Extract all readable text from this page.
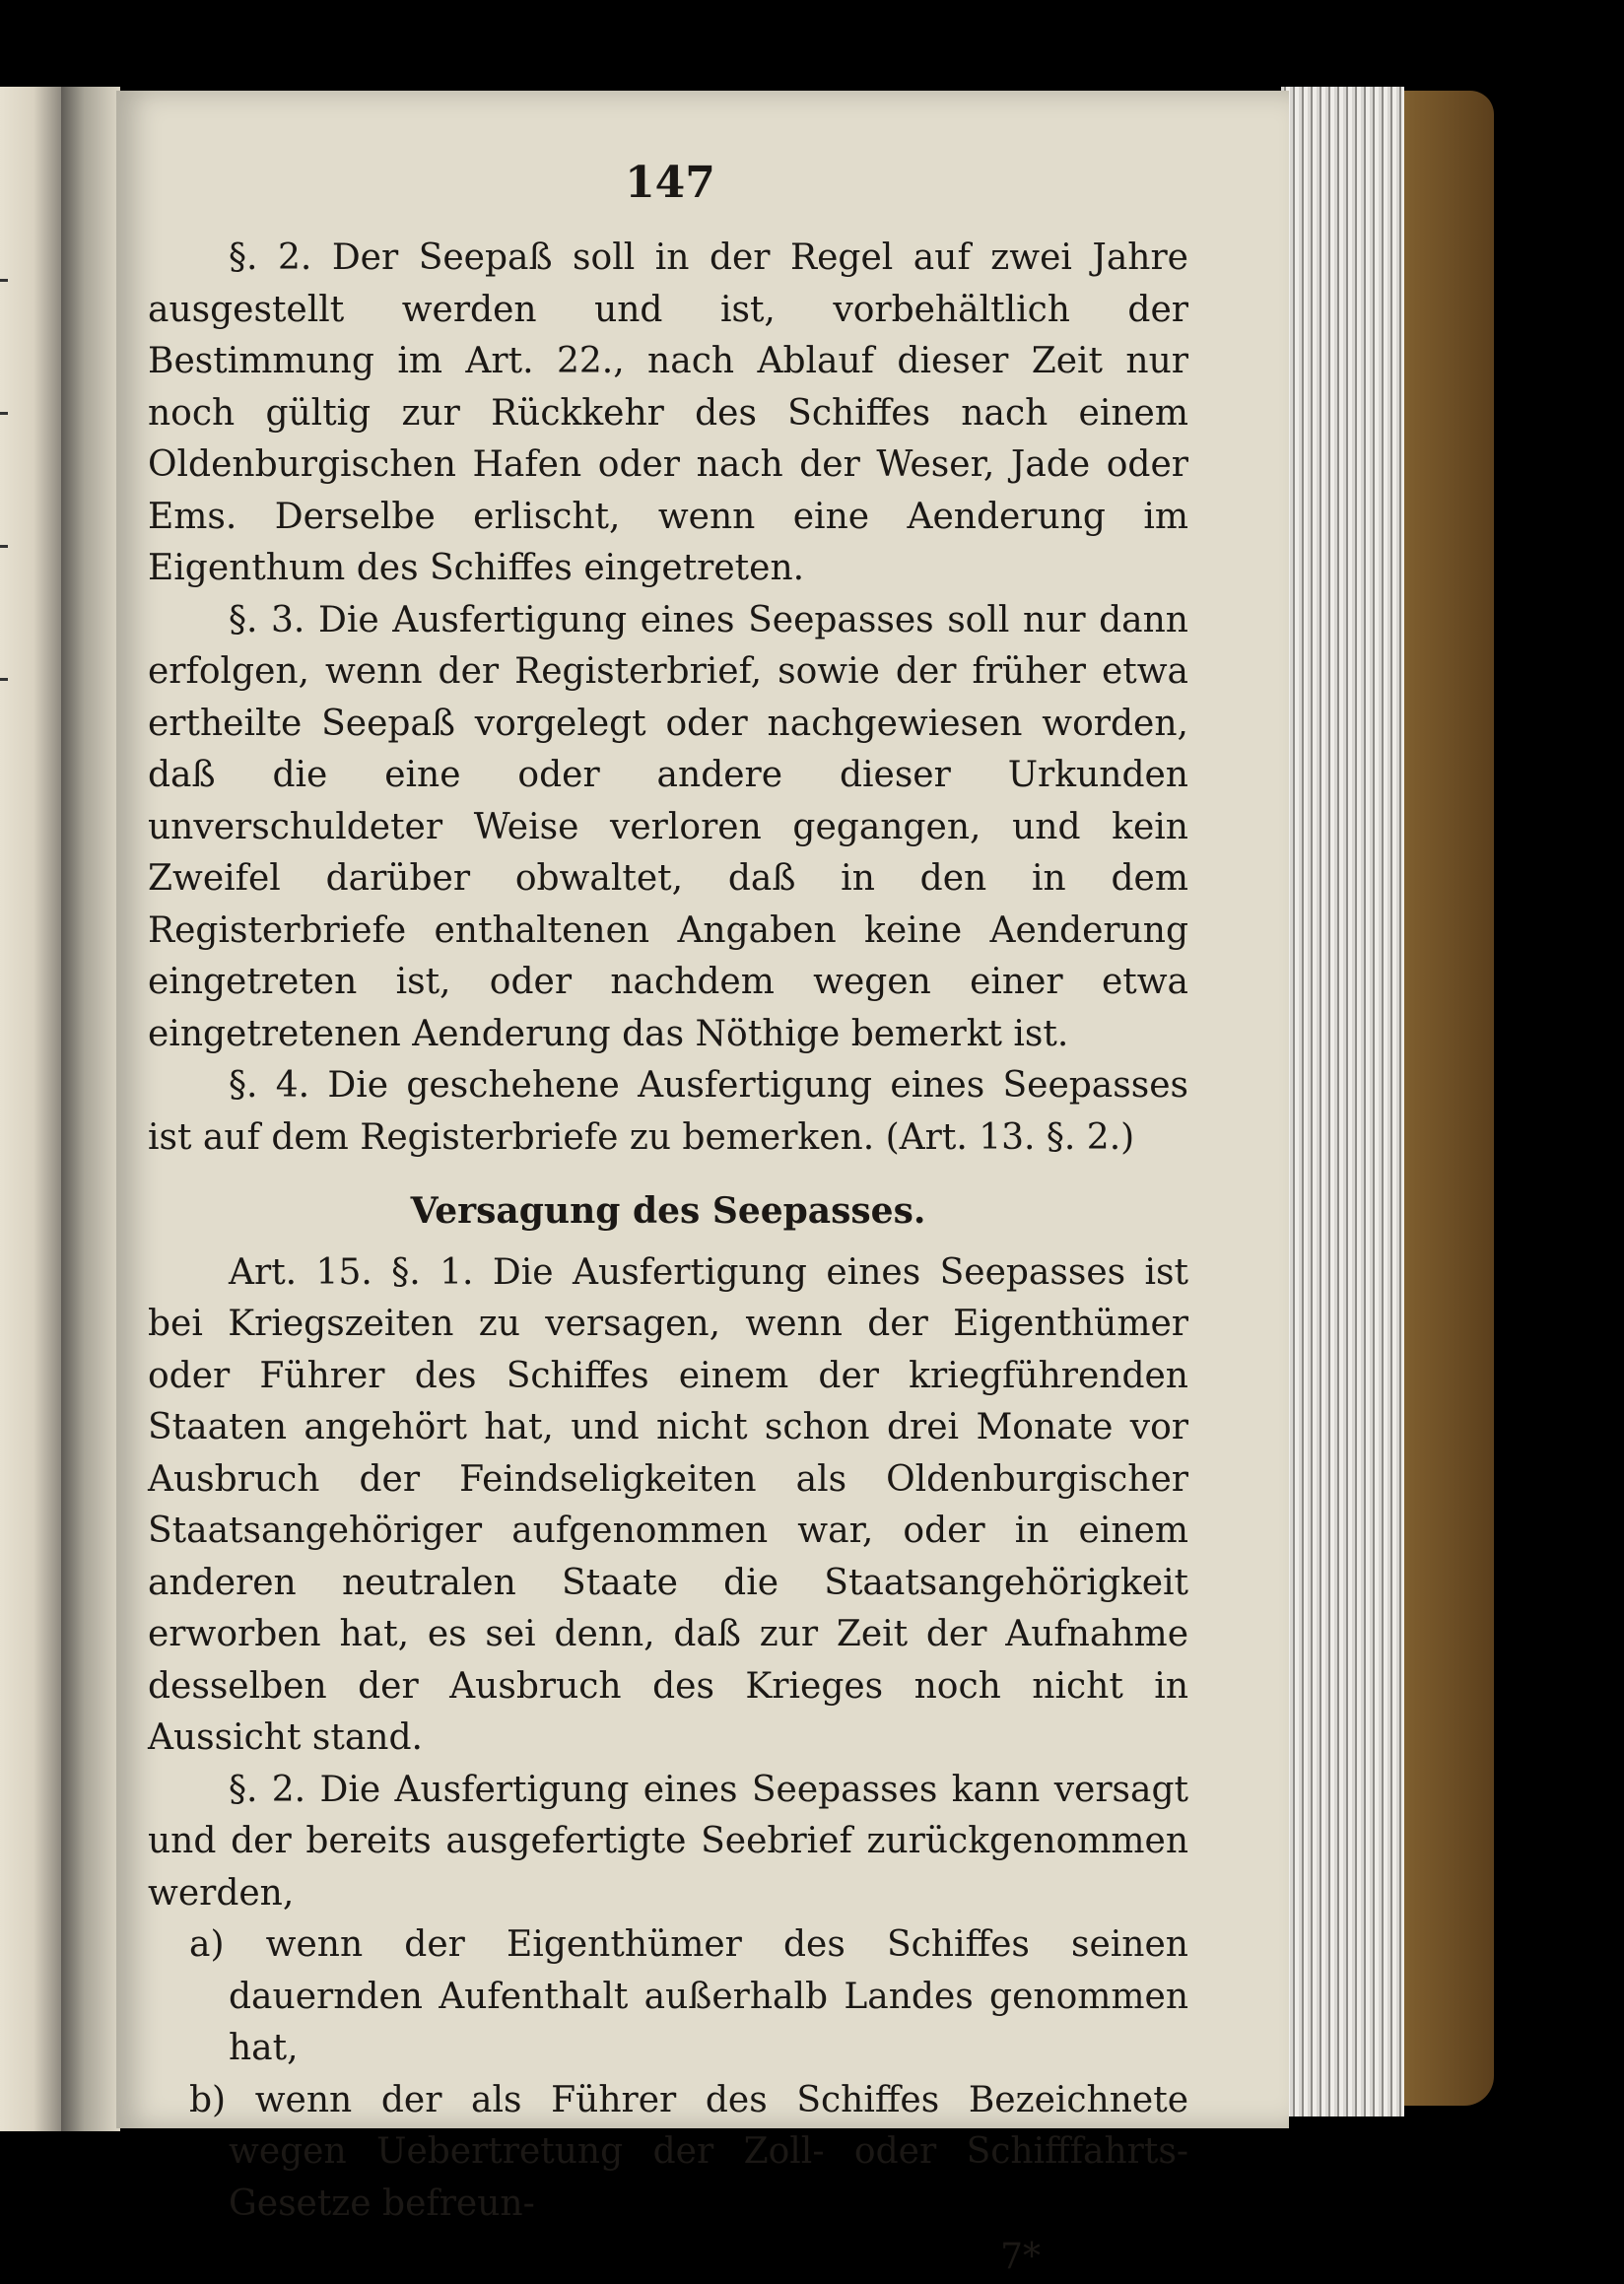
147

§. 2. Der Seepaß soll in der Regel auf zwei Jahre ausgestellt werden und ist, vorbehältlich der Bestimmung im Art. 22., nach Ablauf dieser Zeit nur noch gültig zur Rückkehr des Schiffes nach einem Oldenburgischen Hafen oder nach der Weser, Jade oder Ems. Derselbe erlischt, wenn eine Aenderung im Eigenthum des Schiffes eingetreten.

§. 3. Die Ausfertigung eines Seepasses soll nur dann erfolgen, wenn der Registerbrief, sowie der früher etwa ertheilte Seepaß vorgelegt oder nachgewiesen worden, daß die eine oder andere dieser Urkunden unverschuldeter Weise verloren gegangen, und kein Zweifel darüber obwaltet, daß in den in dem Registerbriefe enthaltenen Angaben keine Aenderung eingetreten ist, oder nachdem wegen einer etwa eingetretenen Aenderung das Nöthige bemerkt ist.

§. 4. Die geschehene Ausfertigung eines Seepasses ist auf dem Registerbriefe zu bemerken. (Art. 13. §. 2.)

Versagung des Seepasses.

Art. 15. §. 1. Die Ausfertigung eines Seepasses ist bei Kriegszeiten zu versagen, wenn der Eigenthümer oder Führer des Schiffes einem der kriegführenden Staaten angehört hat, und nicht schon drei Monate vor Ausbruch der Feindseligkeiten als Oldenburgischer Staatsangehöriger aufgenommen war, oder in einem anderen neutralen Staate die Staatsangehörigkeit erworben hat, es sei denn, daß zur Zeit der Aufnahme desselben der Ausbruch des Krieges noch nicht in Aussicht stand.

§. 2. Die Ausfertigung eines Seepasses kann versagt und der bereits ausgefertigte Seebrief zurückgenommen werden,

a) wenn der Eigenthümer des Schiffes seinen dauernden Aufenthalt außerhalb Landes genommen hat,

b) wenn der als Führer des Schiffes Bezeichnete wegen Uebertretung der Zoll- oder Schifffahrts-Gesetze befreun-

7*
